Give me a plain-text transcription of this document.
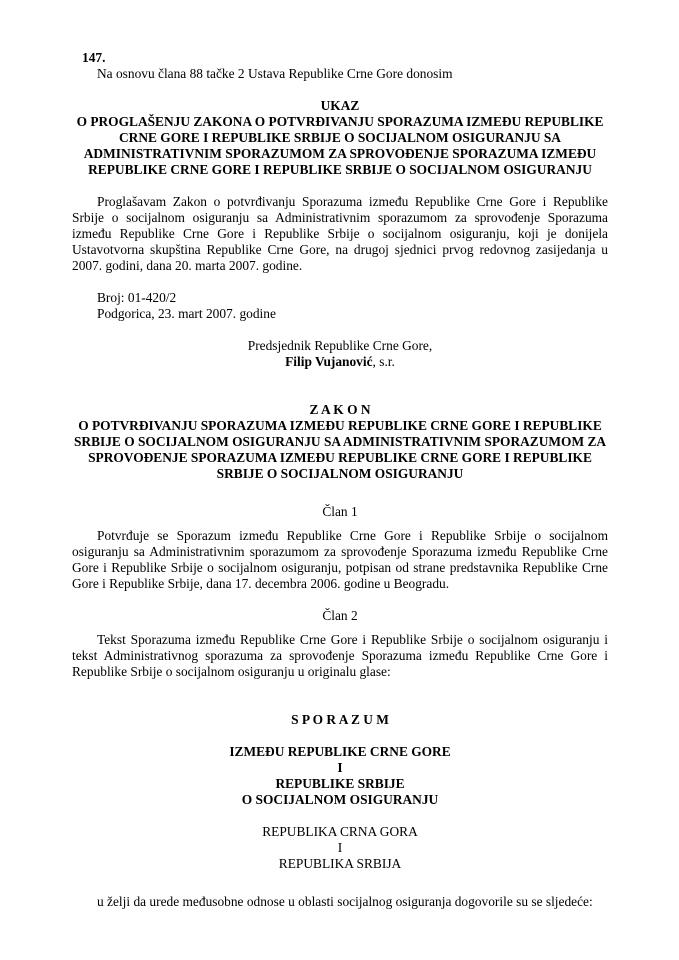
147.

Na osnovu člana 88 tačke 2 Ustava Republike Crne Gore donosim

UKAZ

O PROGLAŠENJU ZAKONA O POTVRĐIVANJU SPORAZUMA IZMEĐU REPUBLIKE CRNE GORE I REPUBLIKE SRBIJE O SOCIJALNOM OSIGURANJU SA ADMINISTRATIVNIM SPORAZUMOM ZA SPROVOĐENJE SPORAZUMA IZMEĐU REPUBLIKE CRNE GORE I REPUBLIKE SRBIJE O SOCIJALNOM OSIGURANJU

Proglašavam Zakon o potvrđivanju Sporazuma između Republike Crne Gore i Republike Srbije o socijalnom osiguranju sa Administrativnim sporazumom za sprovođenje Sporazuma između Republike Crne Gore i Republike Srbije o socijalnom osiguranju, koji je donijela Ustavotvorna skupština Republike Crne Gore, na drugoj sjednici prvog redovnog zasijedanja u 2007. godini, dana 20. marta 2007. godine.

Broj: 01-420/2

Podgorica, 23. mart 2007. godine

Predsjednik Republike Crne Gore,

Filip Vujanović, s.r.

Z A K O N

O POTVRĐIVANJU SPORAZUMA IZMEĐU REPUBLIKE CRNE GORE I REPUBLIKE SRBIJE O SOCIJALNOM OSIGURANJU SA ADMINISTRATIVNIM SPORAZUMOM ZA SPROVOĐENJE SPORAZUMA IZMEĐU REPUBLIKE CRNE GORE I REPUBLIKE SRBIJE O SOCIJALNOM OSIGURANJU

Član 1

Potvrđuje se Sporazum između Republike Crne Gore i Republike Srbije o socijalnom osiguranju sa Administrativnim sporazumom za sprovođenje Sporazuma između Republike Crne Gore i Republike Srbije o socijalnom osiguranju, potpisan od strane predstavnika Republike Crne Gore i Republike Srbije, dana 17. decembra 2006. godine u Beogradu.

Član 2

Tekst Sporazuma između Republike Crne Gore i Republike Srbije o socijalnom osiguranju i tekst Administrativnog sporazuma za sprovođenje Sporazuma između Republike Crne Gore i Republike Srbije o socijalnom osiguranju u originalu glase:

S P O R A Z U M

IZMEĐU REPUBLIKE CRNE GORE

I

REPUBLIKE SRBIJE

O SOCIJALNOM OSIGURANJU

REPUBLIKA CRNA GORA

I

REPUBLIKA SRBIJA

u želji da urede međusobne odnose u oblasti socijalnog osiguranja dogovorile su se sljedeće:
